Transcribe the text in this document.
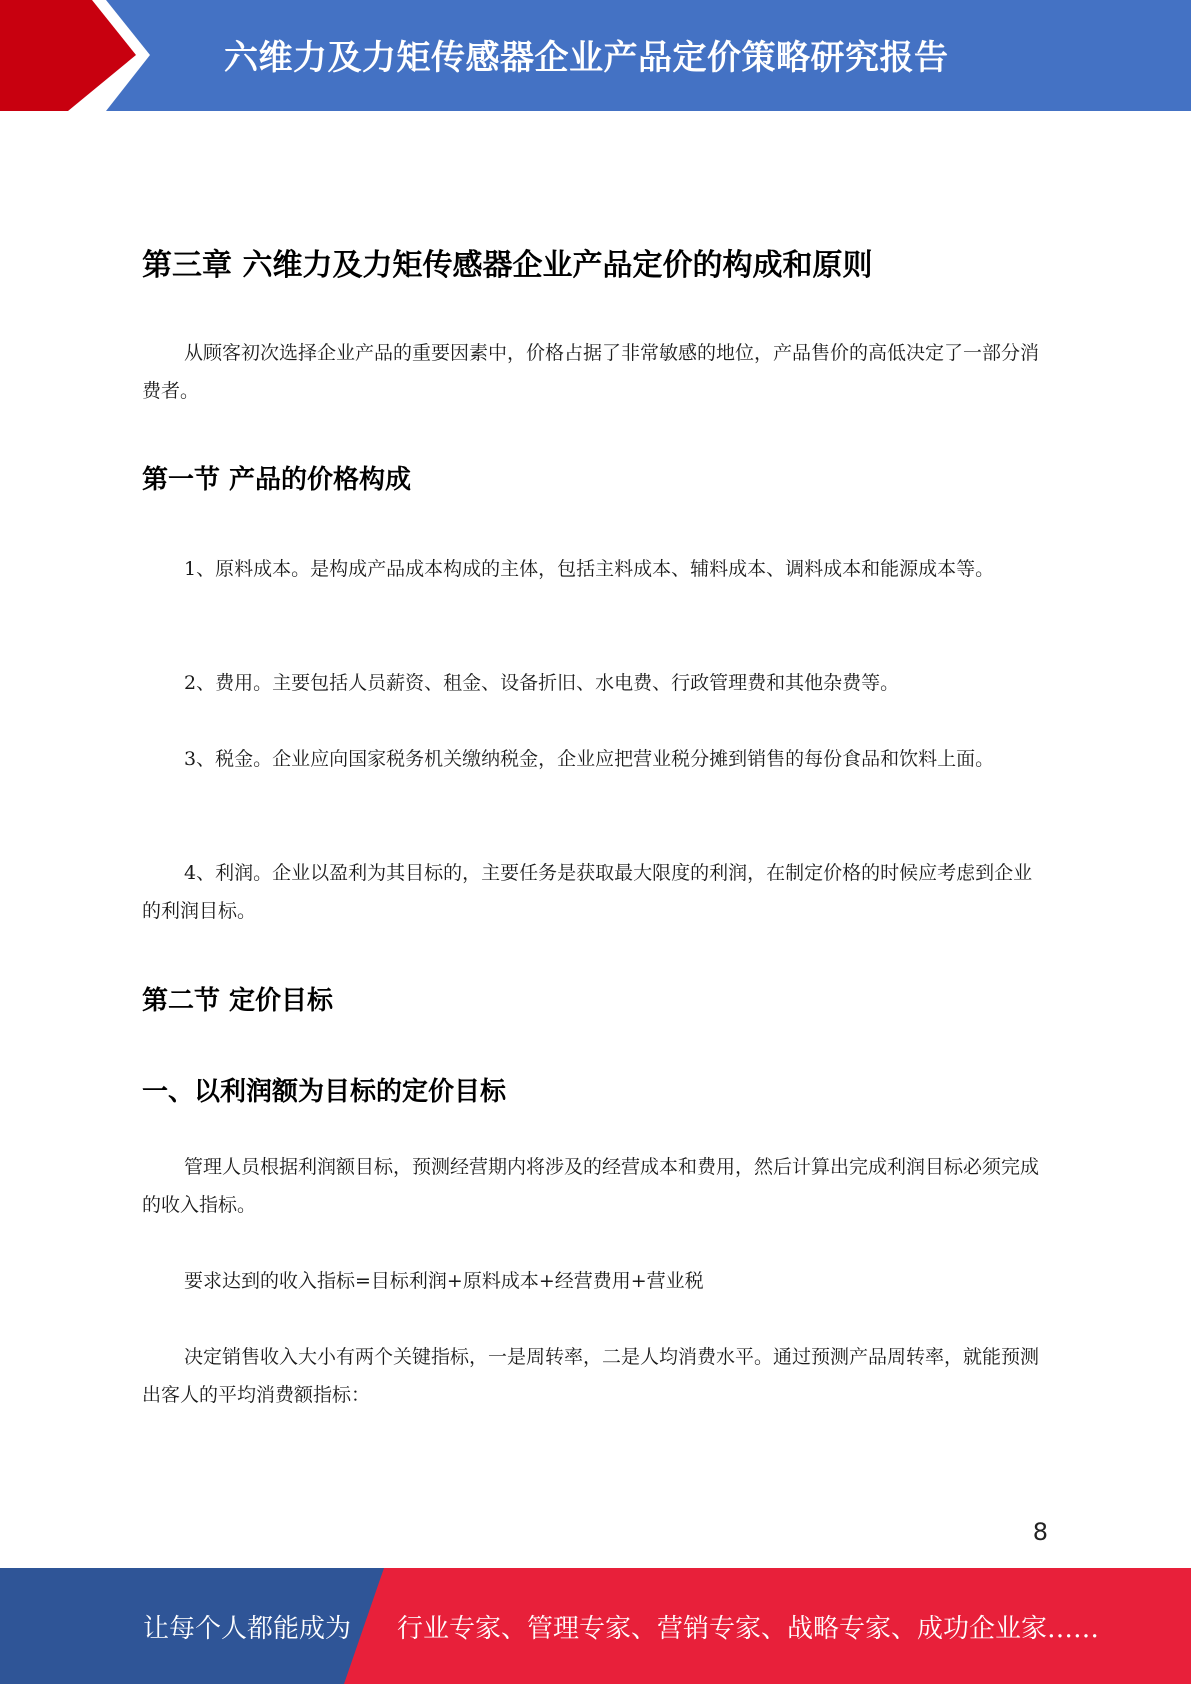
六维力及力矩传感器企业产品定价策略研究报告
第三章 六维力及力矩传感器企业产品定价的构成和原则

从顾客初次选择企业产品的重要因素中，价格占据了非常敏感的地位，产品售价的高低决定了一部分消费者。

第一节 产品的价格构成

1、原料成本。是构成产品成本构成的主体，包括主料成本、辅料成本、调料成本和能源成本等。

2、费用。主要包括人员薪资、租金、设备折旧、水电费、行政管理费和其他杂费等。

3、税金。企业应向国家税务机关缴纳税金，企业应把营业税分摊到销售的每份食品和饮料上面。

4、利润。企业以盈利为其目标的，主要任务是获取最大限度的利润，在制定价格的时候应考虑到企业的利润目标。

第二节 定价目标
一、以利润额为目标的定价目标

管理人员根据利润额目标，预测经营期内将涉及的经营成本和费用，然后计算出完成利润目标必须完成的收入指标。

要求达到的收入指标=目标利润+原料成本+经营费用+营业税

决定销售收入大小有两个关键指标，一是周转率，二是人均消费水平。通过预测产品周转率，就能预测出客人的平均消费额指标：

8
让每个人都能成为 行业专家、管理专家、营销专家、战略专家、成功企业家……
